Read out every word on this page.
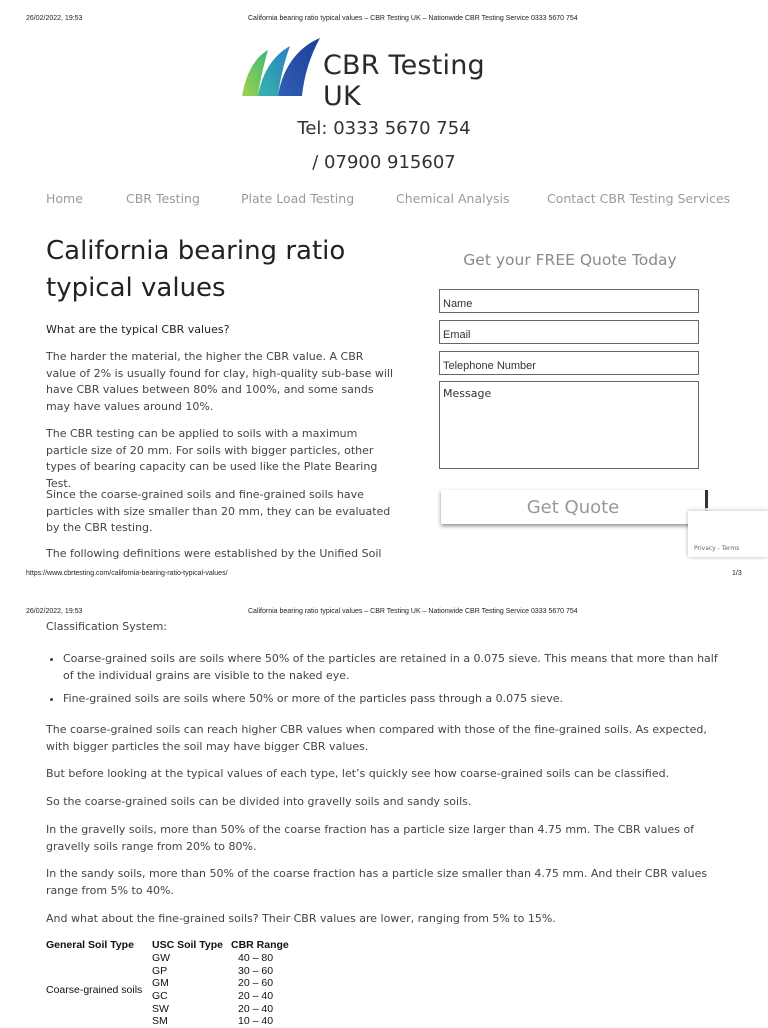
26/02/2022, 19:53	California bearing ratio typical values – CBR Testing UK – Nationwide CBR Testing Service 0333 5670 754
CBR Testing UK
Tel: 0333 5670 754
/ 07900 915607
Home	CBR Testing	Plate Load Testing	Chemical Analysis	Contact CBR Testing Services
California bearing ratio
typical values
What are the typical CBR values?
The harder the material, the higher the CBR value. A CBR value of 2% is usually found for clay, high-quality sub-base will have CBR values between 80% and 100%, and some sands may have values around 10%.
The CBR testing can be applied to soils with a maximum particle size of 20 mm. For soils with bigger particles, other types of bearing capacity can be used like the Plate Bearing Test.
Since the coarse-grained soils and fine-grained soils have particles with size smaller than 20 mm, they can be evaluated by the CBR testing.
The following definitions were established by the Unified Soil
Get your FREE Quote Today
Name
Email
Telephone Number
Message
Get Quote
Privacy - Terms
https://www.cbrtesting.com/california-bearing-ratio-typical-values/	1/3
26/02/2022, 19:53	California bearing ratio typical values – CBR Testing UK – Nationwide CBR Testing Service 0333 5670 754
Classification System:
• Coarse-grained soils are soils where 50% of the particles are retained in a 0.075 sieve. This means that more than half of the individual grains are visible to the naked eye.
• Fine-grained soils are soils where 50% or more of the particles pass through a 0.075 sieve.
The coarse-grained soils can reach higher CBR values when compared with those of the fine-grained soils. As expected, with bigger particles the soil may have bigger CBR values.
But before looking at the typical values of each type, let’s quickly see how coarse-grained soils can be classified.
So the coarse-grained soils can be divided into gravelly soils and sandy soils.
In the gravelly soils, more than 50% of the coarse fraction has a particle size larger than 4.75 mm. The CBR values of gravelly soils range from 20% to 80%.
In the sandy soils, more than 50% of the coarse fraction has a particle size smaller than 4.75 mm. And their CBR values range from 5% to 40%.
And what about the fine-grained soils? Their CBR values are lower, ranging from 5% to 15%.
General Soil Type	USC Soil Type	CBR Range
Coarse-grained soils	GW	40 – 80
	GP	30 – 60
	GM	20 – 60
	GC	20 – 40
	SW	20 – 40
	SM	10 – 40
